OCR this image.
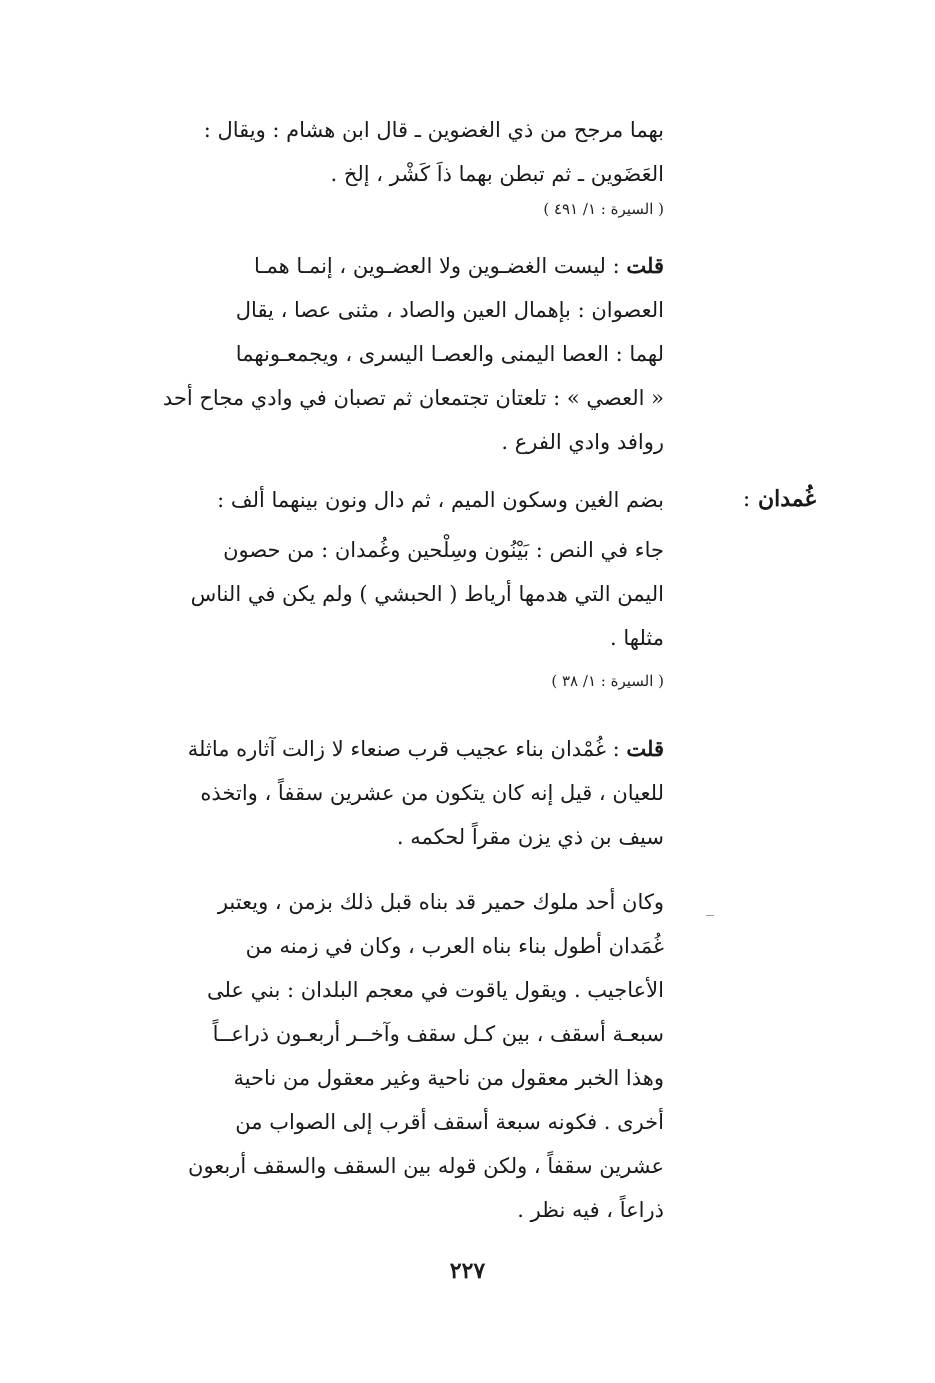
بهما مرجح من ذي الغضوين ـ قال ابن هشام : ويقال :

العَضَوين ـ ثم تبطن بهما ذاَ كَشْر ، إلخ .

( السيرة : ۱/ ٤٩١ )

قلت : ليست الغضـوين ولا العضـوين ، إنمـا همـا

العصوان : بإهمال العين والصاد ، مثنى عصا ، يقال

لهما : العصا اليمنى والعصـا اليسرى ، ويجمعـونهما

« العصي » : تلعتان تجتمعان ثم تصبان في وادي مجاح أحد

روافد وادي الفرع .

غُمدان :

بضم الغين وسكون الميم ، ثم دال ونون بينهما ألف :

جاء في النص : بَيْنُون وسِلْحين وغُمدان : من حصون

اليمن التي هدمها أرياط ( الحبشي ) ولم يكن في الناس

مثلها .

( السيرة : ۱/ ۳۸ )

قلت : غُمْدان بناء عجيب قرب صنعاء لا زالت آثاره ماثلة

للعيان ، قيل إنه كان يتكون من عشرين سقفاً ، واتخذه

سيف بن ذي يزن مقراً لحكمه .

وكان أحد ملوك حمير قد بناه قبل ذلك بزمن ، ويعتبر

غُمَدان أطول بناء بناه العرب ، وكان في زمنه من

الأعاجيب . ويقول ياقوت في معجم البلدان : بني على

سبعـة أسقف ، بين كـل سقف وآخــر أربعـون ذراعــاً

وهذا الخبر معقول من ناحية وغير معقول من ناحية

أخرى . فكونه سبعة أسقف أقرب إلى الصواب من

عشرين سقفاً ، ولكن قوله بين السقف والسقف أربعون

ذراعاً ، فيه نظر .

۲۲۷
